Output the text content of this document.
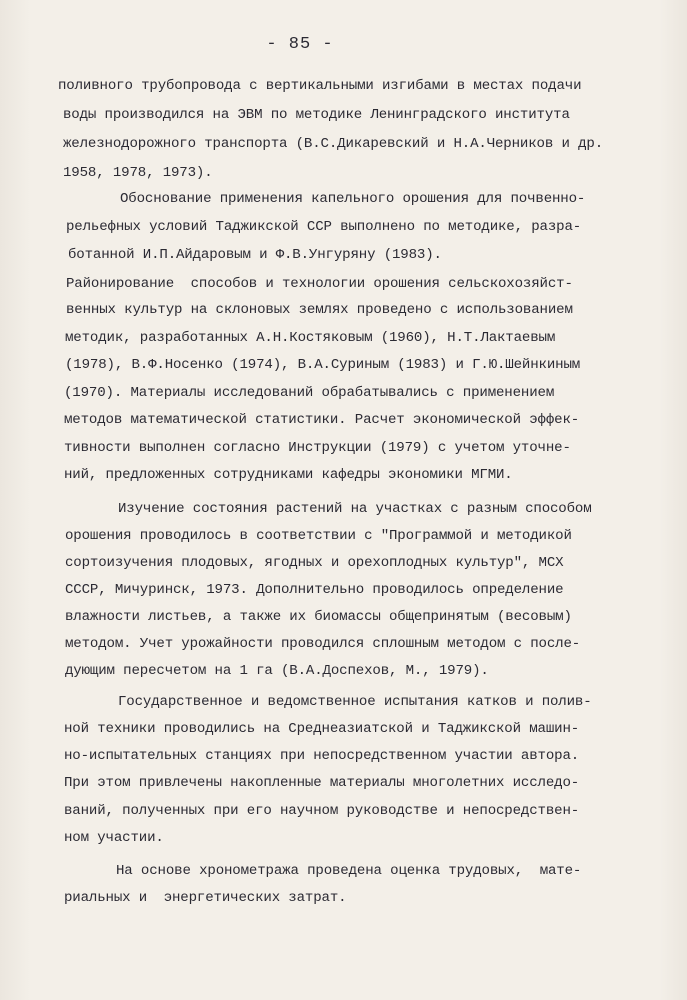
- 85 -
поливного трубопровода с вертикальными изгибами в местах подачи
воды производился на ЭВМ по методике Ленинградского института
железнодорожного транспорта (В.С.Дикаревский и Н.А.Черников и др.
1958, 1978, 1973).
Обоснование применения капельного орошения для почвенно-
рельефных условий Таджикской ССР выполнено по методике, разра-
ботанной И.П.Айдаровым и Ф.В.Унгуряну (1983).
Районирование  способов и технологии орошения сельскохозяйст-
венных культур на склоновых землях проведено с использованием
методик, разработанных А.Н.Костяковым (1960), Н.Т.Лактаевым
(1978), В.Ф.Носенко (1974), В.А.Суриным (1983) и Г.Ю.Шейнкиным
(1970). Материалы исследований обрабатывались с применением
методов математической статистики. Расчет экономической эффек-
тивности выполнен согласно Инструкции (1979) с учетом уточне-
ний, предложенных сотрудниками кафедры экономики МГМИ.
Изучение состояния растений на участках с разным способом
орошения проводилось в соответствии с "Программой и методикой
сортоизучения плодовых, ягодных и орехоплодных культур", МСХ
СССР, Мичуринск, 1973. Дополнительно проводилось определение
влажности листьев, а также их биомассы общепринятым (весовым)
методом. Учет урожайности проводился сплошным методом с после-
дующим пересчетом на 1 га (В.А.Доспехов, М., 1979).
Государственное и ведомственное испытания катков и полив-
ной техники проводились на Среднеазиатской и Таджикской машин-
но-испытательных станциях при непосредственном участии автора.
При этом привлечены накопленные материалы многолетних исследо-
ваний, полученных при его научном руководстве и непосредствен-
ном участии.
На основе хронометража проведена оценка трудовых,  мате-
риальных и  энергетических затрат.
